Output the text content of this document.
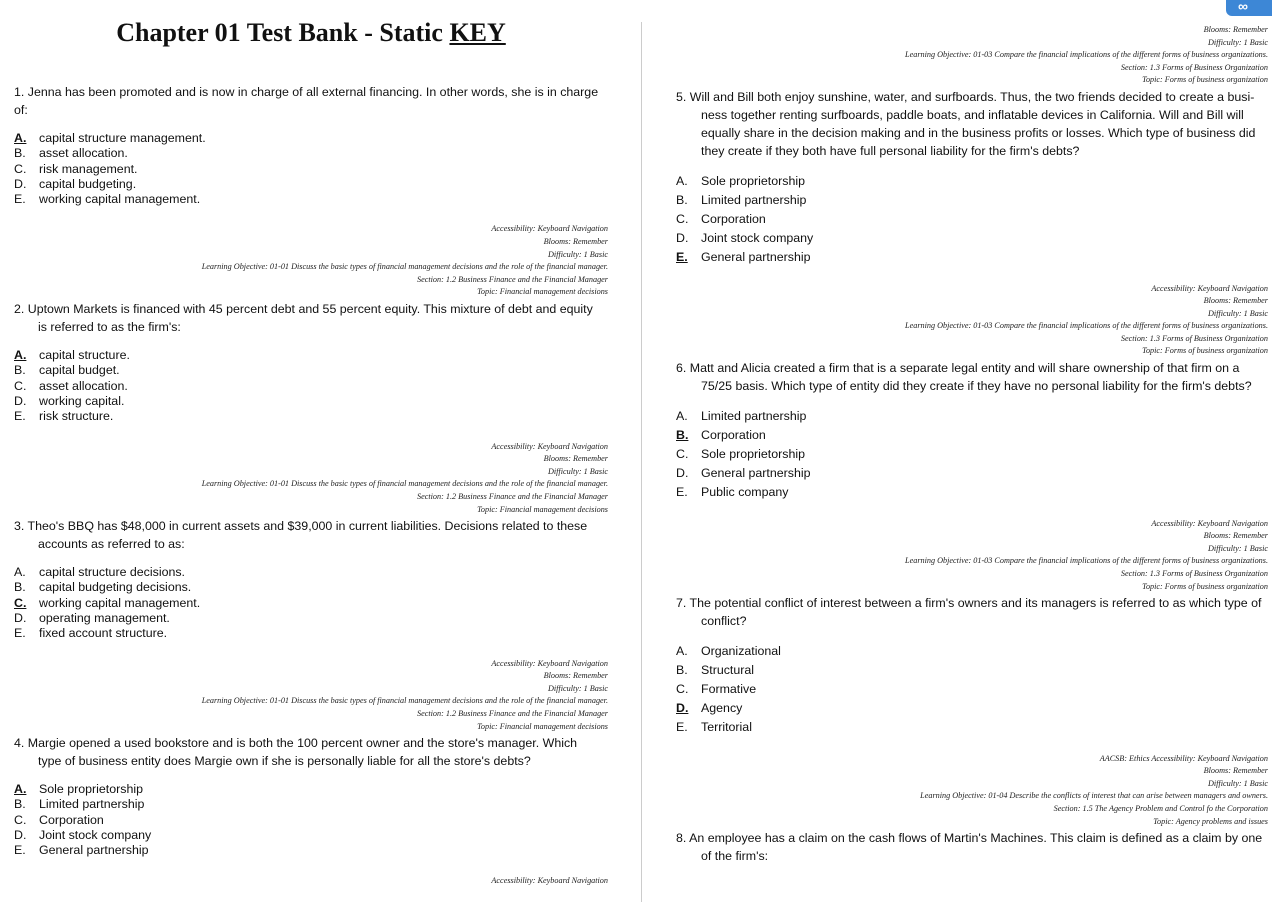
Chapter 01 Test Bank - Static KEY
∞
1. Jenna has been promoted and is now in charge of all external financing. In other words, she is in charge of:
A. capital structure management.
B. asset allocation.
C. risk management.
D. capital budgeting.
E. working capital management.
Accessibility: Keyboard Navigation
Blooms: Remember
Difficulty: 1 Basic
Learning Objective: 01-01 Discuss the basic types of financial management decisions and the role of the financial manager.
Section: 1.2 Business Finance and the Financial Manager
Topic: Financial management decisions
2. Uptown Markets is financed with 45 percent debt and 55 percent equity. This mixture of debt and equity
is referred to as the firm's:
A. capital structure.
B. capital budget.
C. asset allocation.
D. working capital.
E. risk structure.
Accessibility: Keyboard Navigation
Blooms: Remember
Difficulty: 1 Basic
Learning Objective: 01-01 Discuss the basic types of financial management decisions and the role of the financial manager.
Section: 1.2 Business Finance and the Financial Manager
Topic: Financial management decisions
3. Theo's BBQ has $48,000 in current assets and $39,000 in current liabilities. Decisions related to these
accounts as referred to as:
A. capital structure decisions.
B. capital budgeting decisions.
C. working capital management.
D. operating management.
E. fixed account structure.
Accessibility: Keyboard Navigation
Blooms: Remember
Difficulty: 1 Basic
Learning Objective: 01-01 Discuss the basic types of financial management decisions and the role of the financial manager.
Section: 1.2 Business Finance and the Financial Manager
Topic: Financial management decisions
4. Margie opened a used bookstore and is both the 100 percent owner and the store's manager. Which
type of business entity does Margie own if she is personally liable for all the store's debts?
A. Sole proprietorship
B. Limited partnership
C. Corporation
D. Joint stock company
E. General partnership
Accessibility: Keyboard Navigation
Blooms: Remember
Difficulty: 1 Basic
Learning Objective: 01-03 Compare the financial implications of the different forms of business organizations.
Section: 1.3 Forms of Business Organization
Topic: Forms of business organization
5. Will and Bill both enjoy sunshine, water, and surfboards. Thus, the two friends decided to create a busi-
ness together renting surfboards, paddle boats, and inflatable devices in California. Will and Bill will equally share in the decision making and in the business profits or losses. Which type of business did they create if they both have full personal liability for the firm's debts?
A. Sole proprietorship
B. Limited partnership
C. Corporation
D. Joint stock company
E. General partnership
Accessibility: Keyboard Navigation
Blooms: Remember
Difficulty: 1 Basic
Learning Objective: 01-03 Compare the financial implications of the different forms of business organizations.
Section: 1.3 Forms of Business Organization
Topic: Forms of business organization
6. Matt and Alicia created a firm that is a separate legal entity and will share ownership of that firm on a
75/25 basis. Which type of entity did they create if they have no personal liability for the firm's debts?
A. Limited partnership
B. Corporation
C. Sole proprietorship
D. General partnership
E. Public company
Accessibility: Keyboard Navigation
Blooms: Remember
Difficulty: 1 Basic
Learning Objective: 01-03 Compare the financial implications of the different forms of business organizations.
Section: 1.3 Forms of Business Organization
Topic: Forms of business organization
7. The potential conflict of interest between a firm's owners and its managers is referred to as which type of
conflict?
A. Organizational
B. Structural
C. Formative
D. Agency
E. Territorial
AACSB: Ethics Accessibility: Keyboard Navigation
Blooms: Remember
Difficulty: 1 Basic
Learning Objective: 01-04 Describe the conflicts of interest that can arise between managers and owners.
Section: 1.5 The Agency Problem and Control fo the Corporation
Topic: Agency problems and issues
8. An employee has a claim on the cash flows of Martin's Machines. This claim is defined as a claim by one
of the firm's:
